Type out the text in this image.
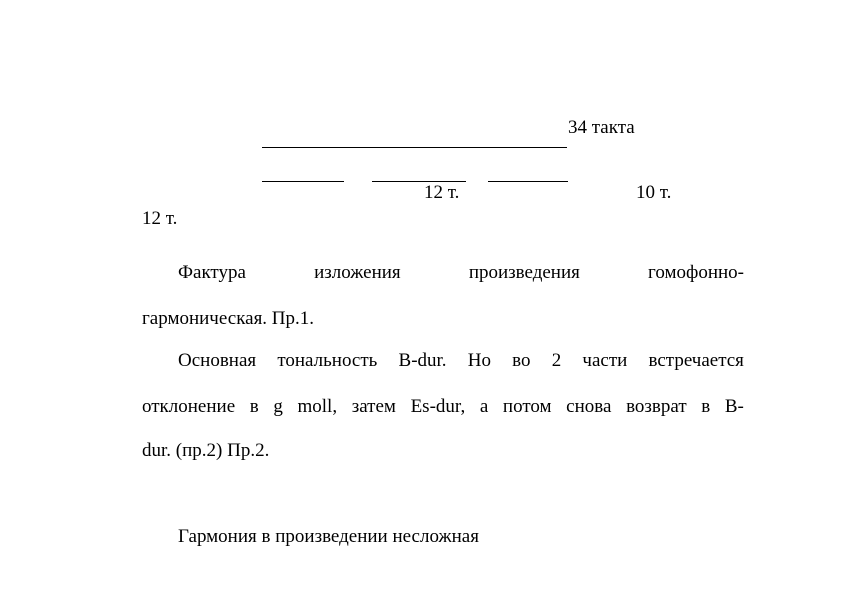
34 такта
12 т.	10 т.
12 т.
Фактура	изложения	произведения	гомофонно-
гармоническая. Пр.1.
Основная тональность B-dur. Но во 2 части встречается
отклонение в g moll, затем Es-dur, а потом снова возврат в B-
dur. (пр.2) Пр.2.
Гармония в произведении несложная
